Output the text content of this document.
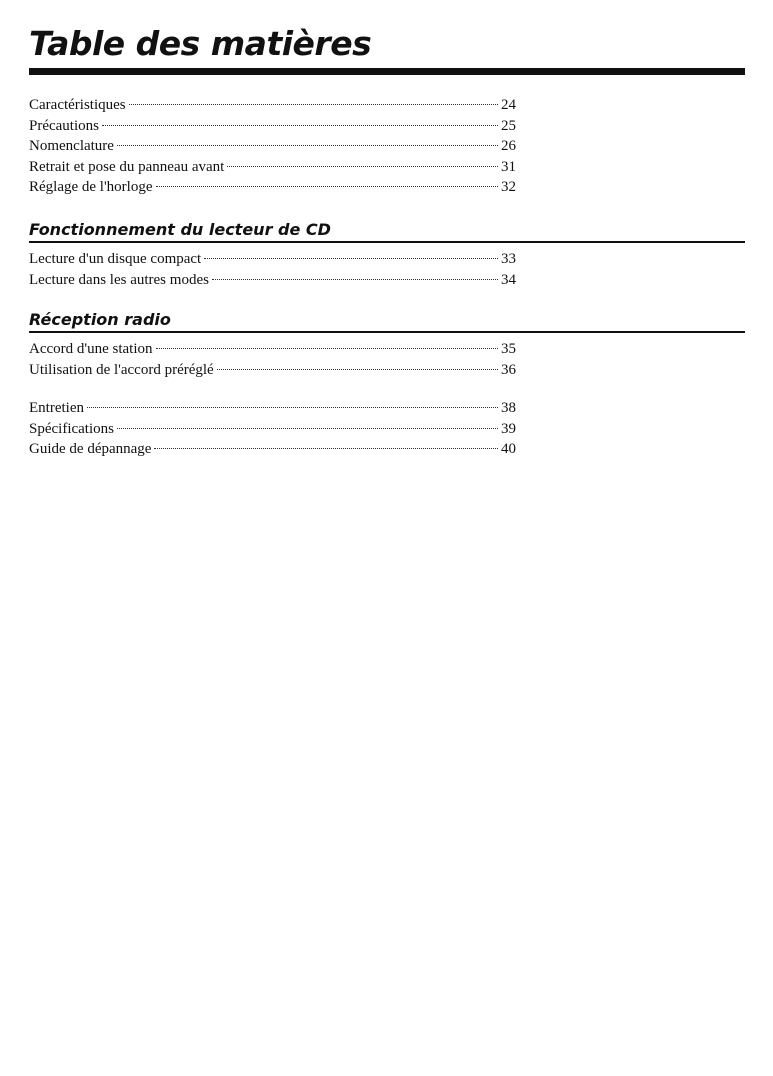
Table des matières
Caractéristiques	24
Précautions	25
Nomenclature	26
Retrait et pose du panneau avant	31
Réglage de l'horloge	32
Fonctionnement du lecteur de CD
Lecture d'un disque compact	33
Lecture dans les autres modes	34
Réception radio
Accord d'une station	35
Utilisation de l'accord préréglé	36
Entretien	38
Spécifications	39
Guide de dépannage	40
